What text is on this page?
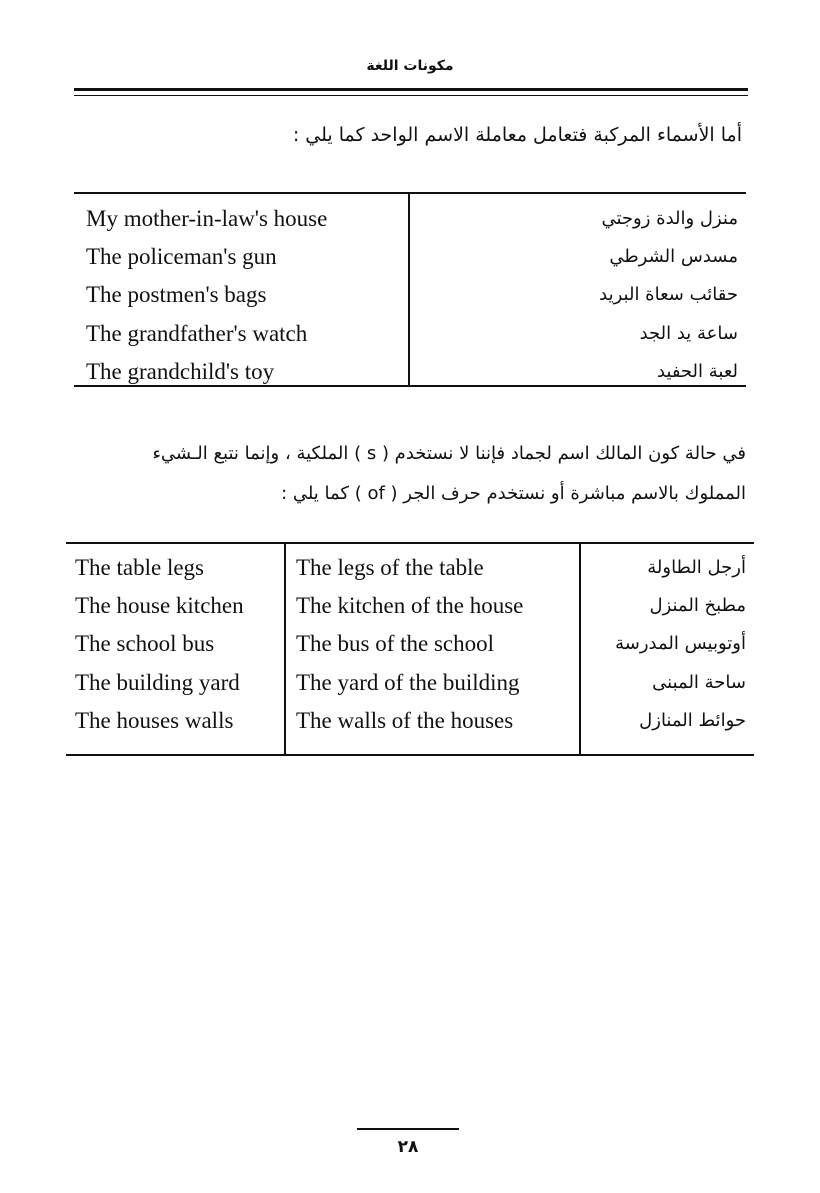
مكونات اللغة
أما الأسماء المركبة فتعامل معاملة الاسم الواحد كما يلي :
My mother-in-law's house
The policeman's gun
The postmen's bags
The grandfather's watch
The grandchild's toy
منزل والدة زوجتي
مسدس الشرطي
حقائب سعاة البريد
ساعة يد الجد
لعبة الحفيد
في حالة كون المالك اسم لجماد فإننا لا نستخدم ( s ) الملكية ، وإنما نتبع الـشيء
المملوك بالاسم مباشرة أو نستخدم حرف الجر ( of ) كما يلي :
The table legs
The house kitchen
The school bus
The building yard
The houses walls
The legs of the table
The kitchen of the house
The bus of the school
The yard of the building
The walls of the houses
أرجل الطاولة
مطبخ المنزل
أوتوبيس المدرسة
ساحة المبنى
حوائط المنازل
٢٨
